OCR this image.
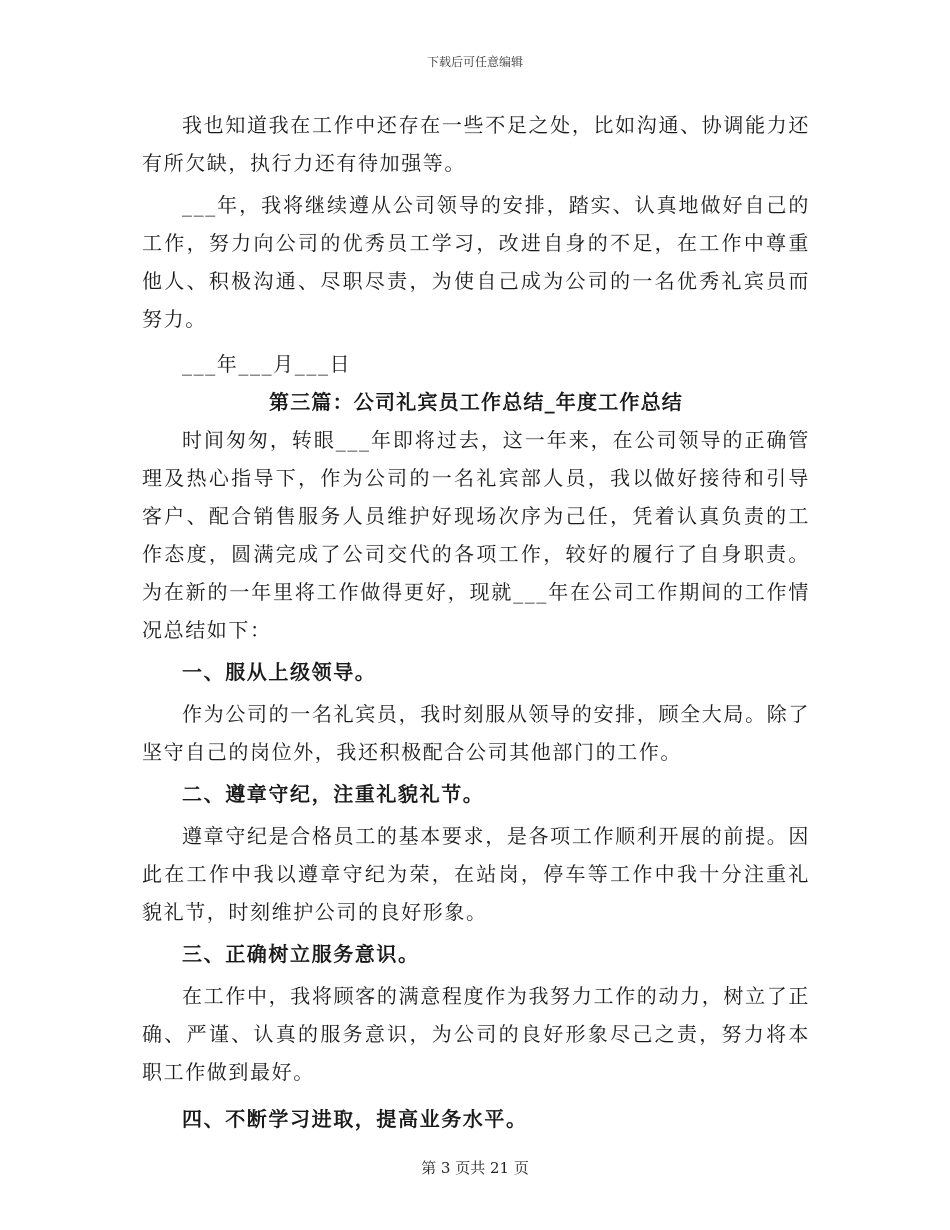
下载后可任意编辑

我也知道我在工作中还存在一些不足之处，比如沟通、协调能力还有所欠缺，执行力还有待加强等。

___年，我将继续遵从公司领导的安排，踏实、认真地做好自己的工作，努力向公司的优秀员工学习，改进自身的不足，在工作中尊重他人、积极沟通、尽职尽责，为使自己成为公司的一名优秀礼宾员而努力。

___年___月___日

第三篇：公司礼宾员工作总结_年度工作总结

时间匆匆，转眼___年即将过去，这一年来，在公司领导的正确管理及热心指导下，作为公司的一名礼宾部人员，我以做好接待和引导客户、配合销售服务人员维护好现场次序为己任，凭着认真负责的工作态度，圆满完成了公司交代的各项工作，较好的履行了自身职责。为在新的一年里将工作做得更好，现就___年在公司工作期间的工作情况总结如下：

一、服从上级领导。

作为公司的一名礼宾员，我时刻服从领导的安排，顾全大局。除了坚守自己的岗位外，我还积极配合公司其他部门的工作。

二、遵章守纪，注重礼貌礼节。

遵章守纪是合格员工的基本要求，是各项工作顺利开展的前提。因此在工作中我以遵章守纪为荣，在站岗，停车等工作中我十分注重礼貌礼节，时刻维护公司的良好形象。

三、正确树立服务意识。

在工作中，我将顾客的满意程度作为我努力工作的动力，树立了正确、严谨、认真的服务意识，为公司的良好形象尽己之责，努力将本职工作做到最好。

四、不断学习进取，提高业务水平。

第 3 页共 21 页
